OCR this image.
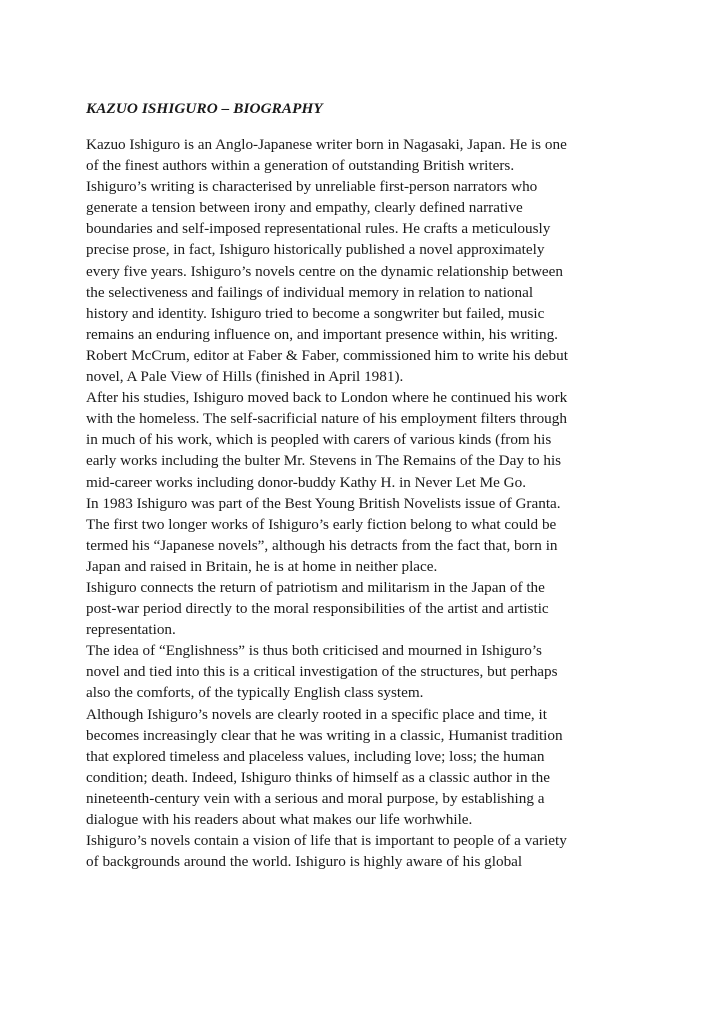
KAZUO ISHIGURO – BIOGRAPHY
Kazuo Ishiguro is an Anglo-Japanese writer born in Nagasaki, Japan. He is one
of the finest authors within a generation of outstanding British writers.
Ishiguro’s writing is characterised by unreliable first-person narrators who
generate a tension between irony and empathy, clearly defined narrative
boundaries and self-imposed representational rules. He crafts a meticulously
precise prose, in fact, Ishiguro historically published a novel approximately
every five years. Ishiguro’s novels centre on the dynamic relationship between
the selectiveness and failings of individual memory in relation to national
history and identity. Ishiguro tried to become a songwriter but failed, music
remains an enduring influence on, and important presence within, his writing.
Robert McCrum, editor at Faber & Faber, commissioned him to write his debut
novel, A Pale View of Hills (finished in April 1981).
After his studies, Ishiguro moved back to London where he continued his work
with the homeless. The self-sacrificial nature of his employment filters through
in much of his work, which is peopled with carers of various kinds (from his
early works including the bulter Mr. Stevens in The Remains of the Day to his
mid-career works including donor-buddy Kathy H. in Never Let Me Go.
In 1983 Ishiguro was part of the Best Young British Novelists issue of Granta.
The first two longer works of Ishiguro’s early fiction belong to what could be
termed his “Japanese novels”, although his detracts from the fact that, born in
Japan and raised in Britain, he is at home in neither place.
Ishiguro connects the return of patriotism and militarism in the Japan of the
post-war period directly to the moral responsibilities of the artist and artistic
representation.
The idea of “Englishness” is thus both criticised and mourned in Ishiguro’s
novel and tied into this is a critical investigation of the structures, but perhaps
also the comforts, of the typically English class system.
Although Ishiguro’s novels are clearly rooted in a specific place and time, it
becomes increasingly clear that he was writing in a classic, Humanist tradition
that explored timeless and placeless values, including love; loss; the human
condition; death. Indeed, Ishiguro thinks of himself as a classic author in the
nineteenth-century vein with a serious and moral purpose, by establishing a
dialogue with his readers about what makes our life worhwhile.
Ishiguro’s novels contain a vision of life that is important to people of a variety
of backgrounds around the world. Ishiguro is highly aware of his global
